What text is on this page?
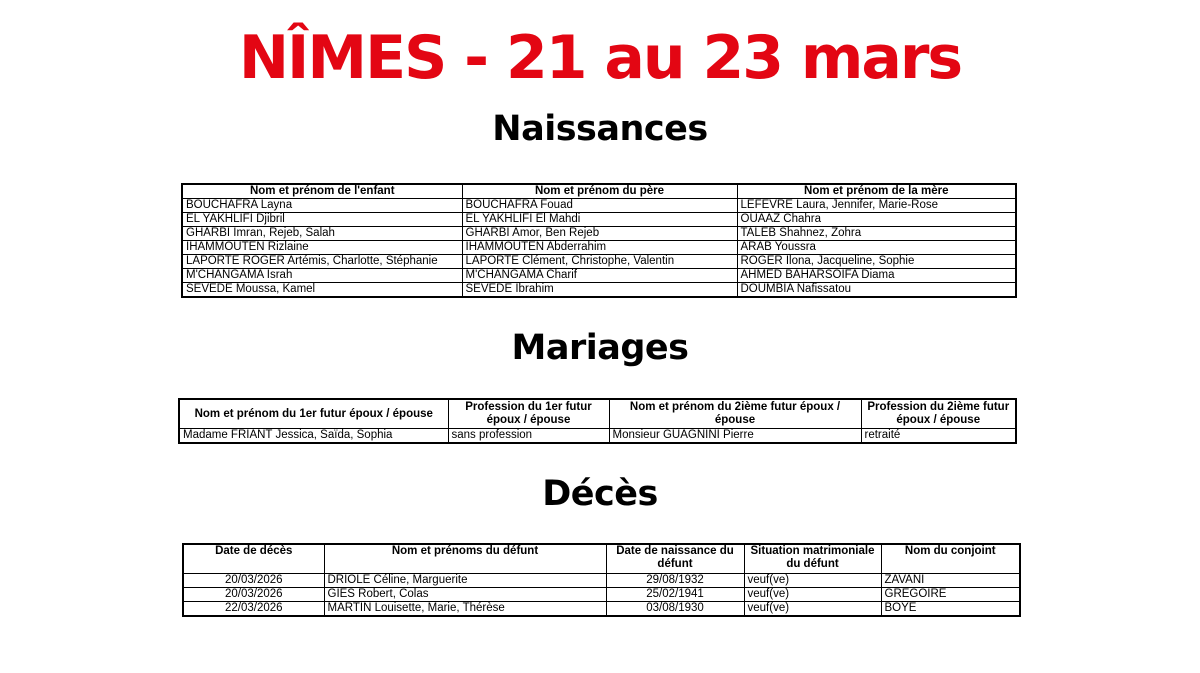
NÎMES - 21 au 23 mars
Naissances
Nom et prénom de l'enfant	Nom et prénom du père	Nom et prénom de la mère
BOUCHAFRA Layna	BOUCHAFRA Fouad	LEFEVRE Laura, Jennifer, Marie-Rose
EL YAKHLIFI Djibril	EL YAKHLIFI El Mahdi	OUAAZ Chahra
GHARBI Imran, Rejeb, Salah	GHARBI Amor, Ben Rejeb	TALEB Shahnez, Zohra
IHAMMOUTEN Rizlaine	IHAMMOUTEN Abderrahim	ARAB Youssra
LAPORTE ROGER Artémis, Charlotte, Stéphanie	LAPORTE Clément, Christophe, Valentin	ROGER Ilona, Jacqueline, Sophie
M'CHANGAMA Israh	M'CHANGAMA Charif	AHMED BAHARSOIFA Diama
SEVEDE Moussa, Kamel	SEVEDE Ibrahim	DOUMBIA Nafissatou
Mariages
Nom et prénom du 1er futur époux / épouse	Profession du 1er futur époux / épouse	Nom et prénom du 2ième futur époux / épouse	Profession du 2ième futur époux / épouse
Madame FRIANT Jessica, Saïda, Sophia	sans profession	Monsieur GUAGNINI Pierre	retraité
Décès
Date de décès	Nom et prénoms du défunt	Date de naissance du défunt	Situation matrimoniale du défunt	Nom du conjoint
20/03/2026	DRIOLE Céline, Marguerite	29/08/1932	veuf(ve)	ZAVANI
20/03/2026	GIES Robert, Colas	25/02/1941	veuf(ve)	GRÉGOIRE
22/03/2026	MARTIN Louisette, Marie, Thérèse	03/08/1930	veuf(ve)	BOYE
